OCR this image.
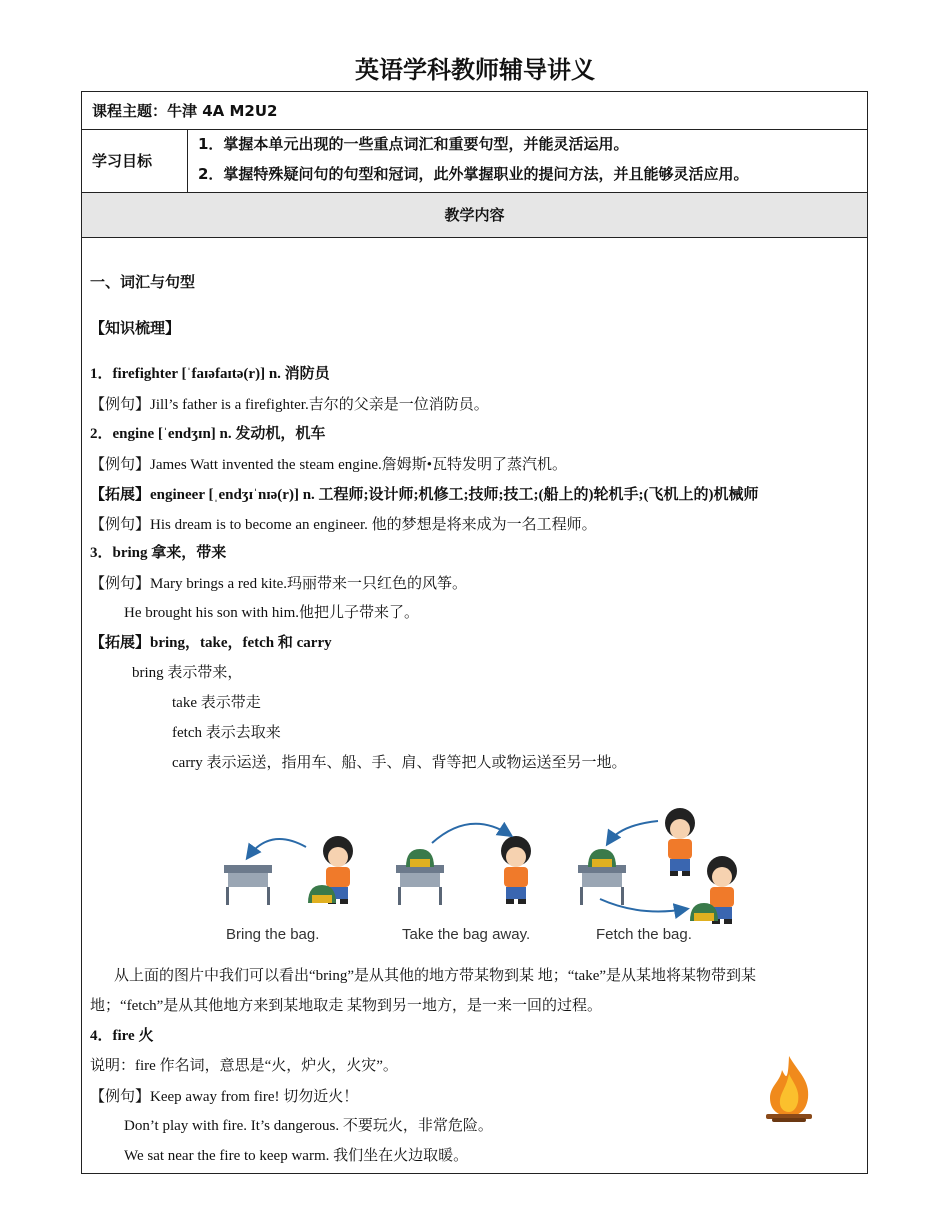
英语学科教师辅导讲义
课程主题：牛津 4A M2U2
学习目标
1．掌握本单元出现的一些重点词汇和重要句型，并能灵活运用。
2．掌握特殊疑问句的句型和冠词，此外掌握职业的提问方法，并且能够灵活应用。
教学内容
一、词汇与句型
【知识梳理】
1．firefighter [ˈfaɪəfaɪtə(r)] n. 消防员
【例句】Jill’s father is a firefighter.吉尔的父亲是一位消防员。
2．engine [ˈendʒɪn] n. 发动机，机车
【例句】James Watt invented the steam engine.詹姆斯•瓦特发明了蒸汽机。
【拓展】engineer [ˌendʒɪˈnɪə(r)] n. 工程师;设计师;机修工;技师;技工;(船上的)轮机手;(飞机上的)机械师
【例句】His dream is to become an engineer. 他的梦想是将来成为一名工程师。
3．bring 拿来，带来
【例句】Mary brings a red kite.玛丽带来一只红色的风筝。
He brought his son with him.他把儿子带来了。
【拓展】bring，take，fetch 和 carry
bring 表示带来，
take 表示带走
fetch 表示去取来
carry 表示运送，指用车、船、手、肩、背等把人或物运送至另一地。
Bring the bag.	Take the bag away.	Fetch the bag.
从上面的图片中我们可以看出“bring”是从其他的地方带某物到某 地；“take”是从某地将某物带到某
地；“fetch”是从其他地方来到某地取走 某物到另一地方，是一来一回的过程。
4．fire 火
说明：fire 作名词，意思是“火，炉火，火灾”。
【例句】Keep away from fire! 切勿近火！
Don’t play with fire. It’s dangerous. 不要玩火，非常危险。
We sat near the fire to keep warm. 我们坐在火边取暖。
